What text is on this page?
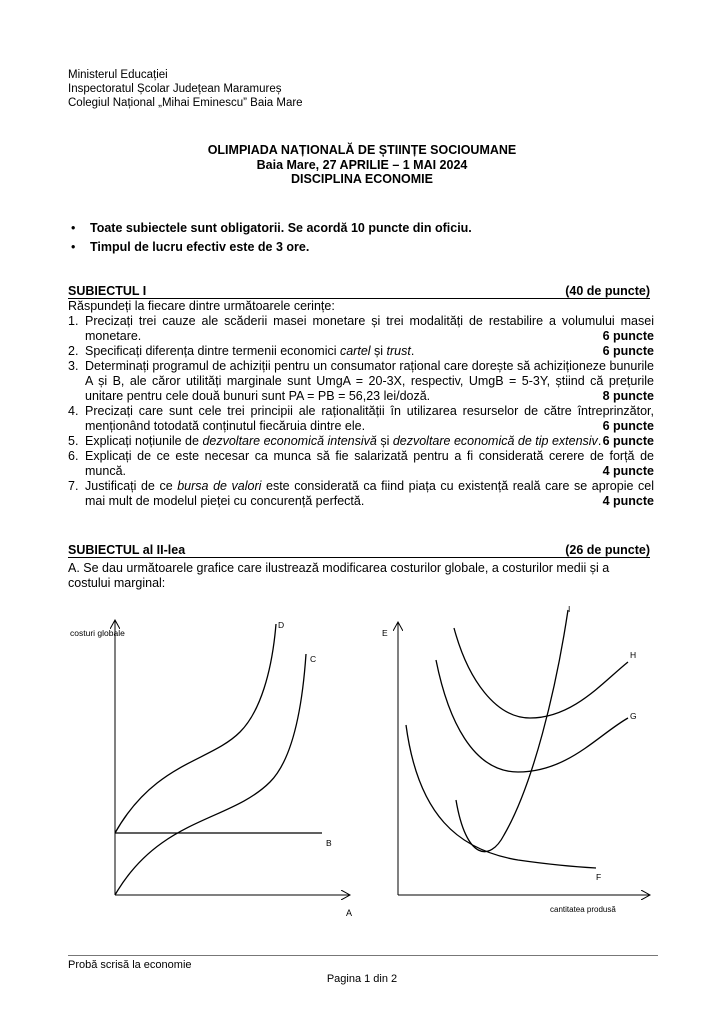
Ministerul Educației
Inspectoratul Școlar Județean Maramureș
Colegiul Național „Mihai Eminescu” Baia Mare
OLIMPIADA NAȚIONALĂ DE ȘTIINȚE SOCIOUMANE
Baia Mare, 27 APRILIE – 1 MAI 2024
DISCIPLINA ECONOMIE
• Toate subiectele sunt obligatorii. Se acordă 10 puncte din oficiu.
• Timpul de lucru efectiv este de 3 ore.
SUBIECTUL I	(40 de puncte)
Răspundeți la fiecare dintre următoarele cerințe:
1. Precizați trei cauze ale scăderii masei monetare și trei modalități de restabilire a volumului masei monetare.	6 puncte
2. Specificați diferența dintre termenii economici cartel și trust.	6 puncte
3. Determinați programul de achiziții pentru un consumator rațional care dorește să achiziționeze bunurile A și B, ale căror utilități marginale sunt UmgA = 20-3X, respectiv, UmgB = 5-3Y, știind că prețurile unitare pentru cele două bunuri sunt PA = PB = 56,23 lei/doză.	8 puncte
4. Precizați care sunt cele trei principii ale raționalității în utilizarea resurselor de către întreprinzător, menționând totodată conținutul fiecăruia dintre ele.	6 puncte
5. Explicați noțiunile de dezvoltare economică intensivă și dezvoltare economică de tip extensiv. 6 puncte
6. Explicați de ce este necesar ca munca să fie salarizată pentru a fi considerată cerere de forță de muncă.	4 puncte
7. Justificați de ce bursa de valori este considerată ca fiind piața cu existență reală care se apropie cel mai mult de modelul pieței cu concurență perfectă.	4 puncte
SUBIECTUL al II-lea	(26 de puncte)
A. Se dau următoarele grafice care ilustrează modificarea costurilor globale, a costurilor medii și a costului marginal:
costuri globale
A
B
D
C
E
cantitatea produsă
F
G
H
I
Probă scrisă la economie
Pagina 1 din 2
